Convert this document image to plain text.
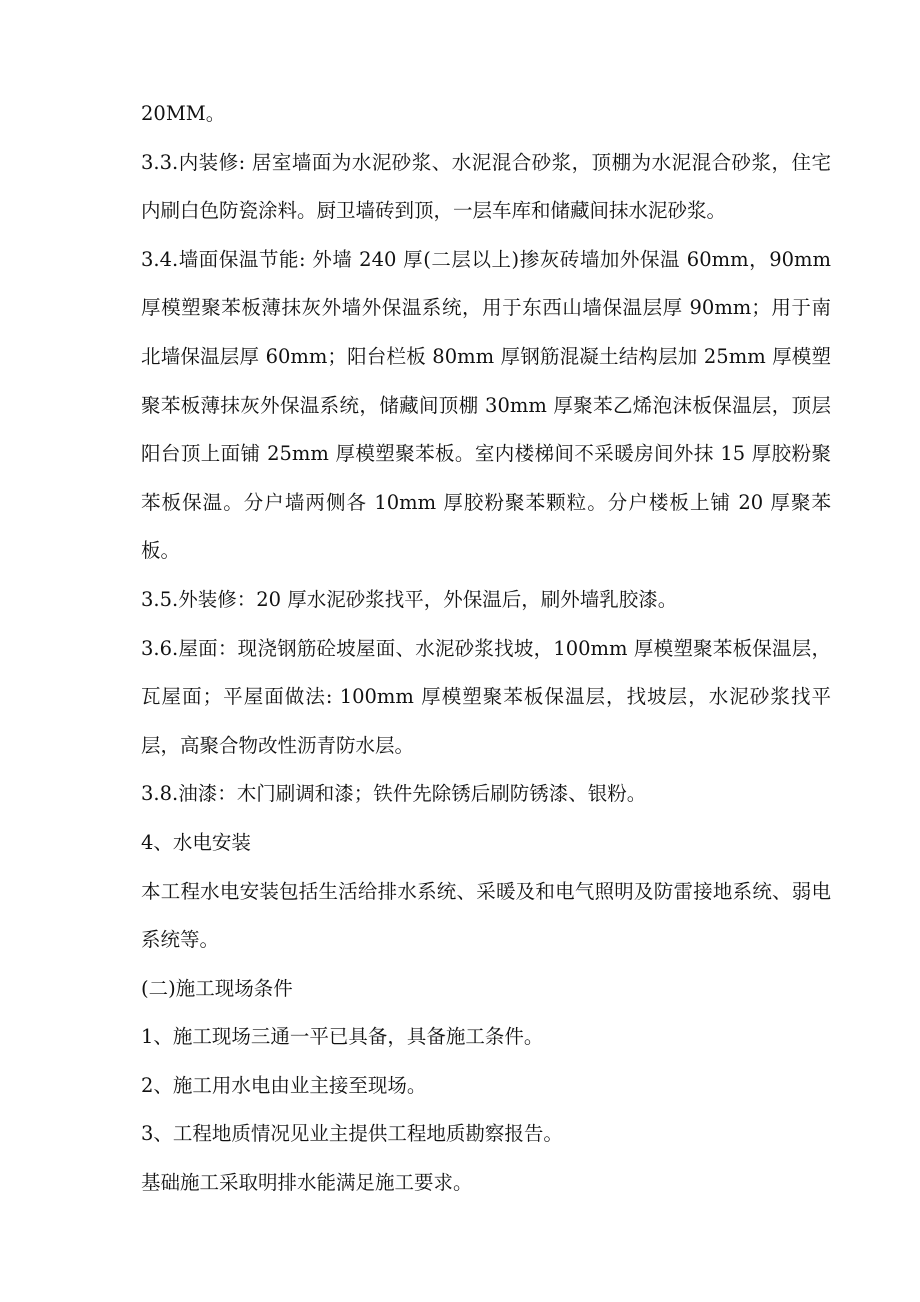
20MM。

3.3.内装修: 居室墙面为水泥砂浆、水泥混合砂浆，顶棚为水泥混合砂浆，住宅内刷白色防瓷涂料。厨卫墙砖到顶，一层车库和储藏间抹水泥砂浆。

3.4.墙面保温节能: 外墙 240 厚(二层以上)掺灰砖墙加外保温 60mm，90mm 厚模塑聚苯板薄抹灰外墙外保温系统，用于东西山墙保温层厚 90mm；用于南北墙保温层厚 60mm；阳台栏板 80mm 厚钢筋混凝土结构层加 25mm 厚模塑聚苯板薄抹灰外保温系统，储藏间顶棚 30mm 厚聚苯乙烯泡沫板保温层，顶层阳台顶上面铺 25mm 厚模塑聚苯板。室内楼梯间不采暖房间外抹 15 厚胶粉聚苯板保温。分户墙两侧各 10mm 厚胶粉聚苯颗粒。分户楼板上铺 20 厚聚苯板。

3.5.外装修：20 厚水泥砂浆找平，外保温后，刷外墙乳胶漆。

3.6.屋面：现浇钢筋砼坡屋面、水泥砂浆找坡，100mm 厚模塑聚苯板保温层，瓦屋面；平屋面做法: 100mm 厚模塑聚苯板保温层，找坡层，水泥砂浆找平层，高聚合物改性沥青防水层。

3.8.油漆：木门刷调和漆；铁件先除锈后刷防锈漆、银粉。

4、水电安装

本工程水电安装包括生活给排水系统、采暖及和电气照明及防雷接地系统、弱电系统等。

(二)施工现场条件

1、施工现场三通一平已具备，具备施工条件。

2、施工用水电由业主接至现场。

3、工程地质情况见业主提供工程地质勘察报告。

基础施工采取明排水能满足施工要求。
